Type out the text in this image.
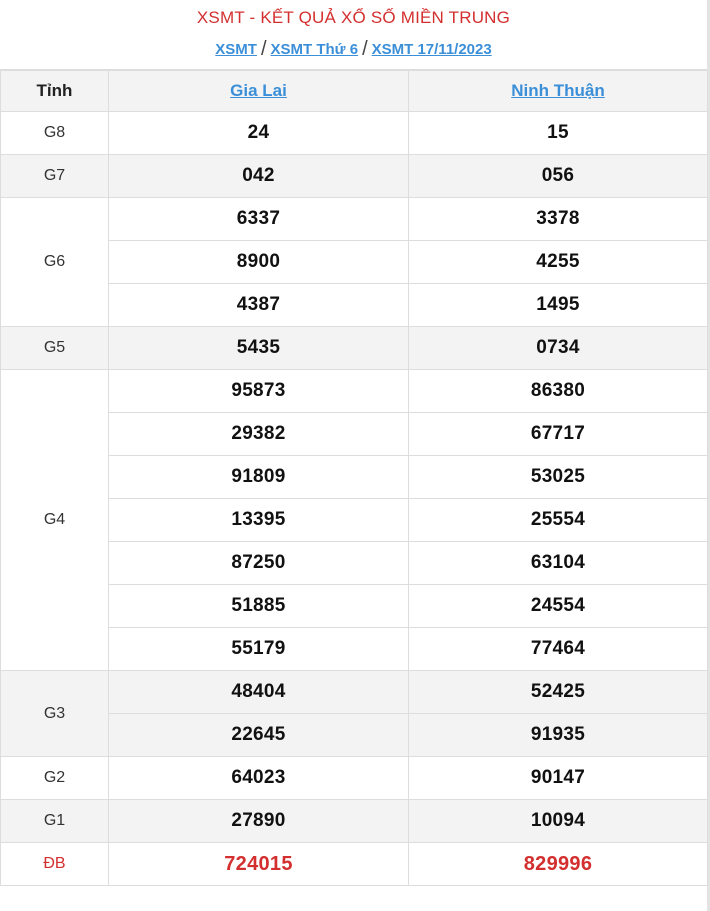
XSMT - KẾT QUẢ XỔ SỐ MIỀN TRUNG
XSMT / XSMT Thứ 6 / XSMT 17/11/2023
Tỉnh	Gia Lai	Ninh Thuận
G8	24	15
G7	042	056
G6	6337	3378
	8900	4255
	4387	1495
G5	5435	0734
G4	95873	86380
	29382	67717
	91809	53025
	13395	25554
	87250	63104
	51885	24554
	55179	77464
G3	48404	52425
	22645	91935
G2	64023	90147
G1	27890	10094
ĐB	724015	829996
